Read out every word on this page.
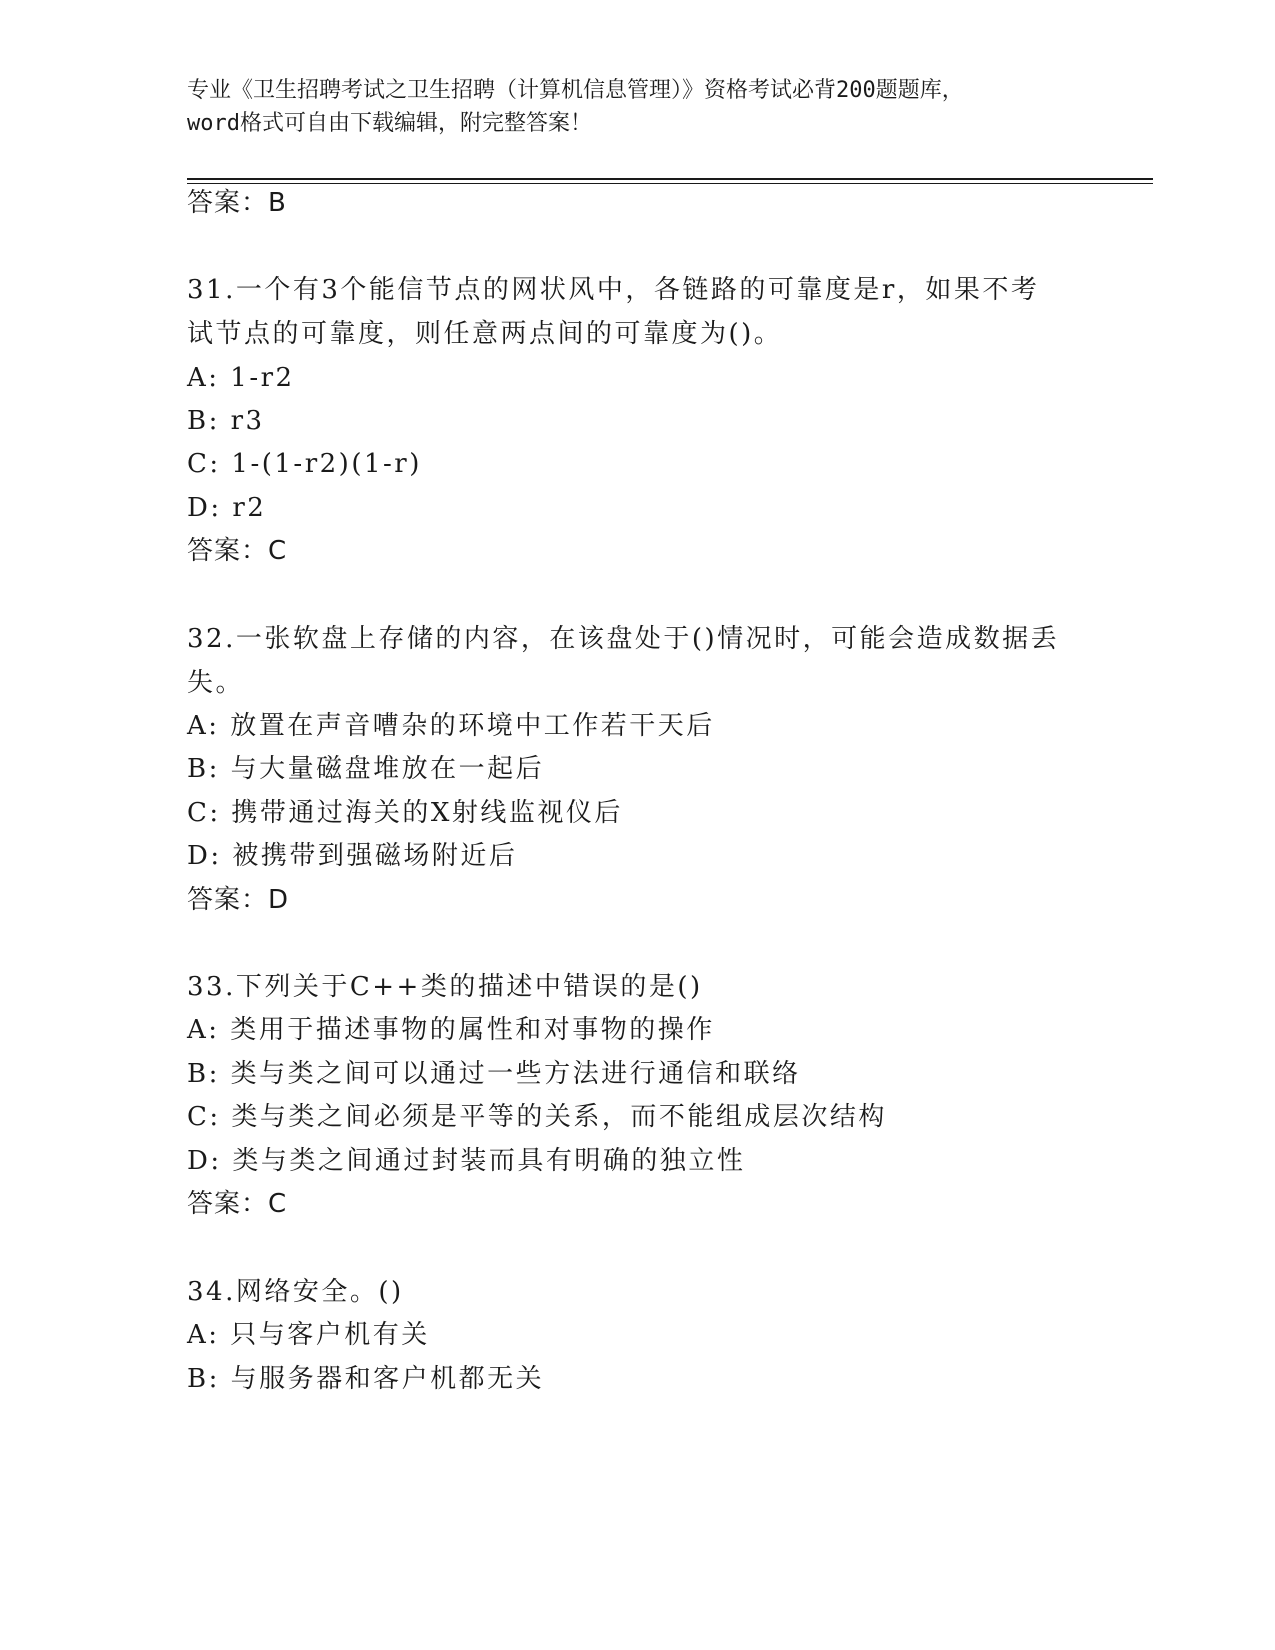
专业《卫生招聘考试之卫生招聘（计算机信息管理）》资格考试必背200题题库，
word格式可自由下载编辑，附完整答案！
答案：B
31.一个有3个能信节点的网状风中，各链路的可靠度是r，如果不考
试节点的可靠度，则任意两点间的可靠度为()。
A: 1-r2
B: r3
C: 1-(1-r2)(1-r)
D: r2
答案：C
32.一张软盘上存储的内容，在该盘处于()情况时，可能会造成数据丢
失。
A: 放置在声音嘈杂的环境中工作若干天后
B: 与大量磁盘堆放在一起后
C: 携带通过海关的X射线监视仪后
D: 被携带到强磁场附近后
答案：D
33.下列关于C++类的描述中错误的是()
A: 类用于描述事物的属性和对事物的操作
B: 类与类之间可以通过一些方法进行通信和联络
C: 类与类之间必须是平等的关系，而不能组成层次结构
D: 类与类之间通过封装而具有明确的独立性
答案：C
34.网络安全。()
A: 只与客户机有关
B: 与服务器和客户机都无关
